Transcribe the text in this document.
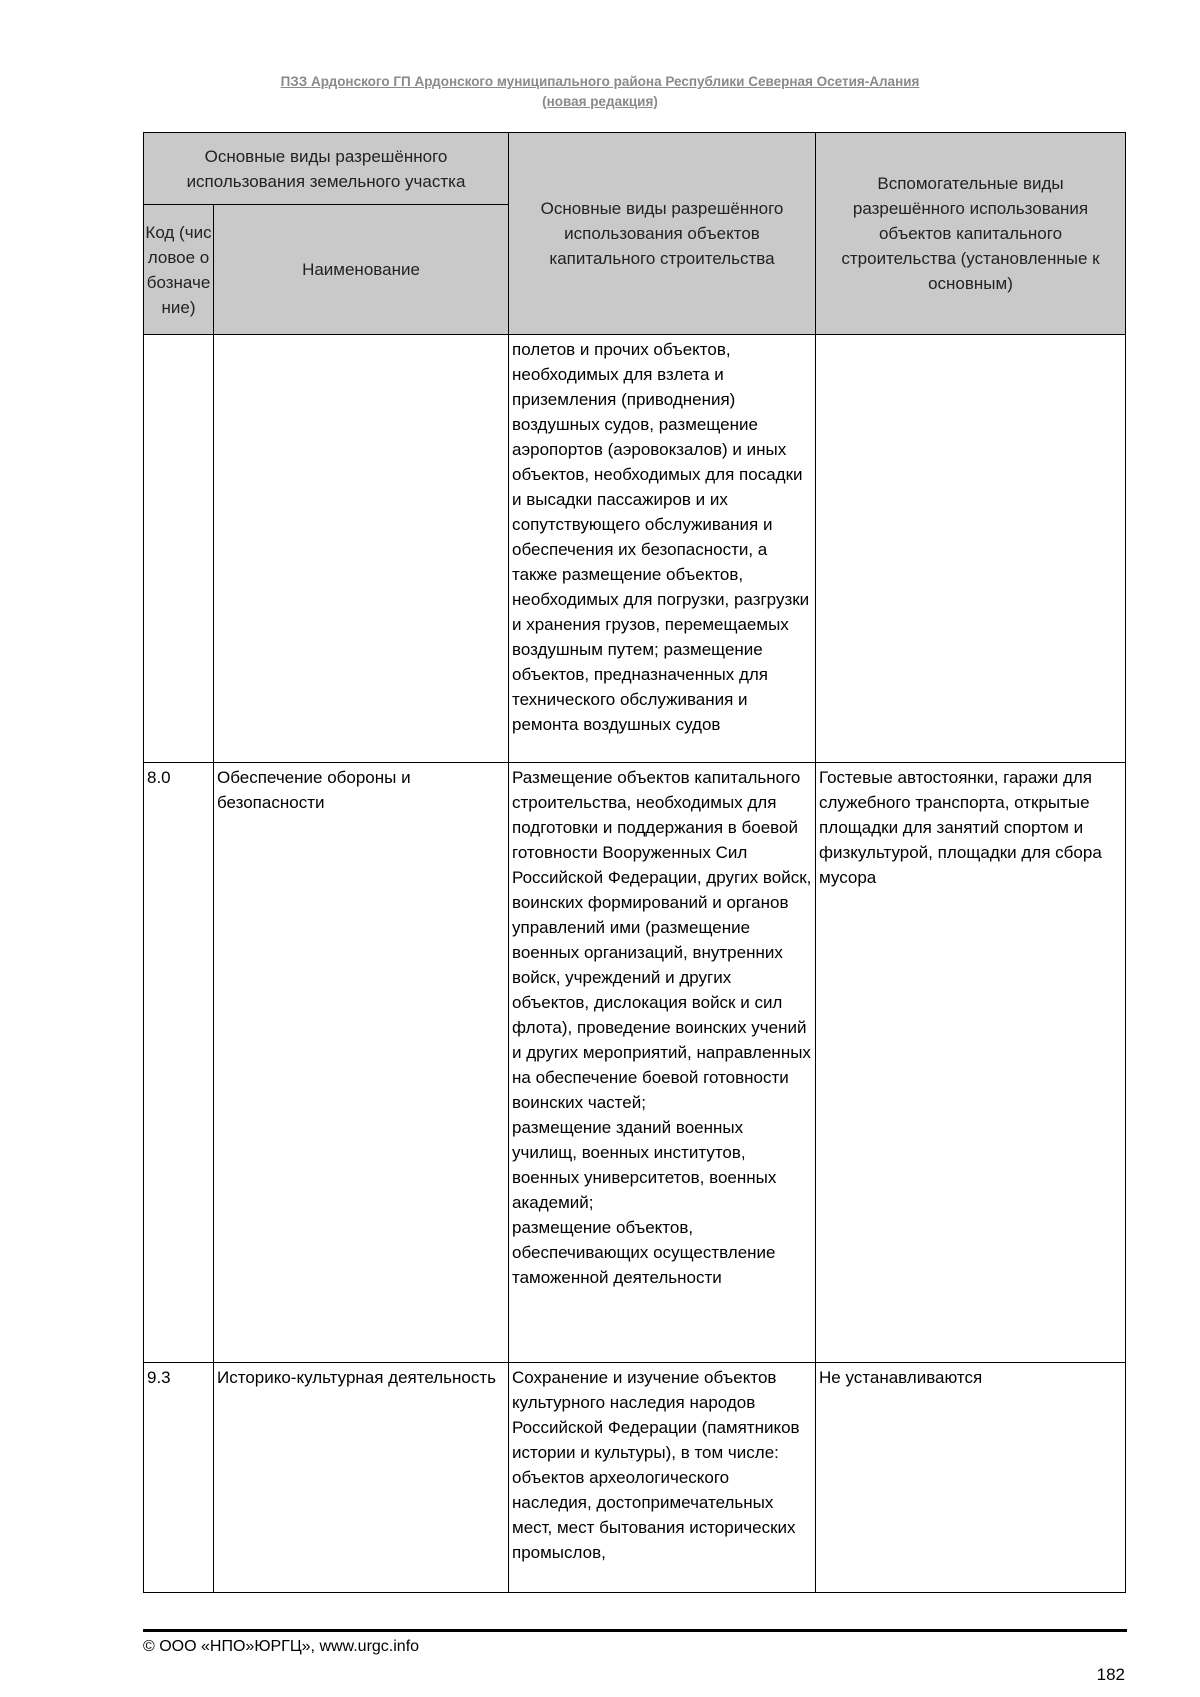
ПЗЗ Ардонского ГП Ардонского муниципального района Республики Северная Осетия-Алания
(новая редакция)
Основные виды разрешённого использования земельного участка		Основные виды разрешённого использования объектов капитального строительства	Вспомогательные виды разрешённого использования объектов капитального строительства (установленные к основным)
Код (числовое обозначение)	Наименование		
		полетов и прочих объектов, необходимых для взлета и приземления (приводнения) воздушных судов, размещение аэропортов (аэровокзалов) и иных объектов, необходимых для посадки и высадки пассажиров и их сопутствующего обслуживания и обеспечения их безопасности, а также размещение объектов, необходимых для погрузки, разгрузки и хранения грузов, перемещаемых воздушным путем; размещение объектов, предназначенных для технического обслуживания и ремонта воздушных судов	
8.0	Обеспечение обороны и безопасности	Размещение объектов капитального строительства, необходимых для подготовки и поддержания в боевой готовности Вооруженных Сил Российской Федерации, других войск, воинских формирований и органов управлений ими (размещение военных организаций, внутренних войск, учреждений и других объектов, дислокация войск и сил флота), проведение воинских учений и других мероприятий, направленных на обеспечение боевой готовности воинских частей;
размещение зданий военных училищ, военных институтов, военных университетов, военных академий;
размещение объектов, обеспечивающих осуществление таможенной деятельности	Гостевые автостоянки, гаражи для служебного транспорта, открытые площадки для занятий спортом и физкультурой, площадки для сбора мусора
9.3	Историко-культурная деятельность	Сохранение и изучение объектов культурного наследия народов Российской Федерации (памятников истории и культуры), в том числе:
объектов археологического наследия, достопримечательных мест, мест бытования исторических промыслов,	Не устанавливаются
© ООО «НПО»ЮРГЦ», www.urgc.info
182
